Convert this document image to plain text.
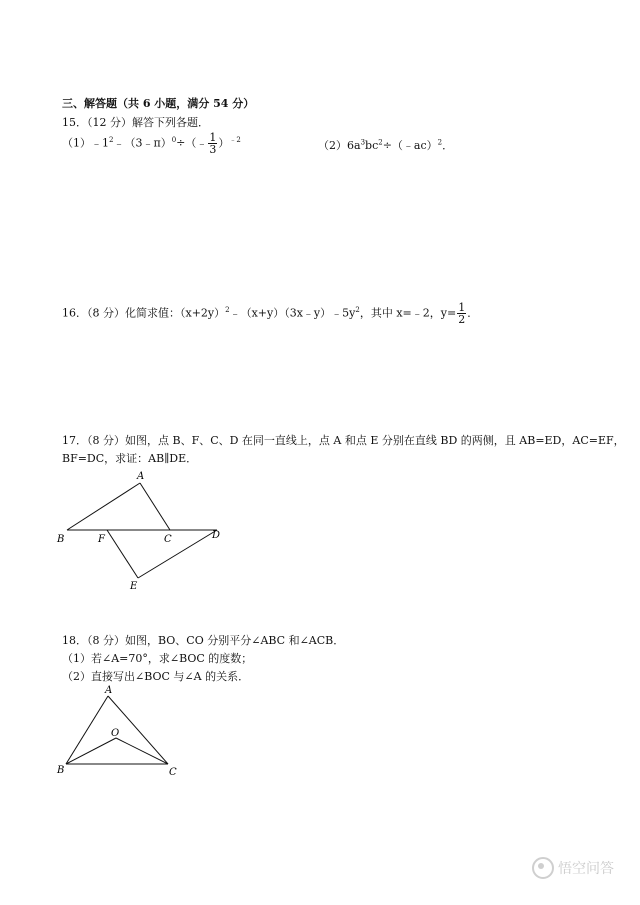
三、解答题（共 6 小题，满分 54 分）
15．（12 分）解答下列各题．
$(1)﹣1^2﹣(3﹣\pi)^0\div(﹣ \frac{1}{3} )^{﹣2}$	$(2)6a^3bc^2\div(﹣ac)^2$．
16．（8 分）化简求值：$(x+2y)^2﹣(x+y)(3x﹣y)﹣5y^2$，其中 x=﹣2，$y= \frac{1}{2}$ ．
17．（8 分）如图，点 B、F、C、D 在同一直线上，点 A 和点 E 分别在直线 BD 的两侧，且 AB=ED，AC=EF，
BF=DC，求证：AB∥DE．
A
B	F	C	D
E
18．（8 分）如图，BO、CO 分别平分∠ABC 和∠ACB．
（1）若∠A=70°，求∠BOC 的度数；
（2）直接写出∠BOC 与∠A 的关系．
A
O
B	C
悟空问答
